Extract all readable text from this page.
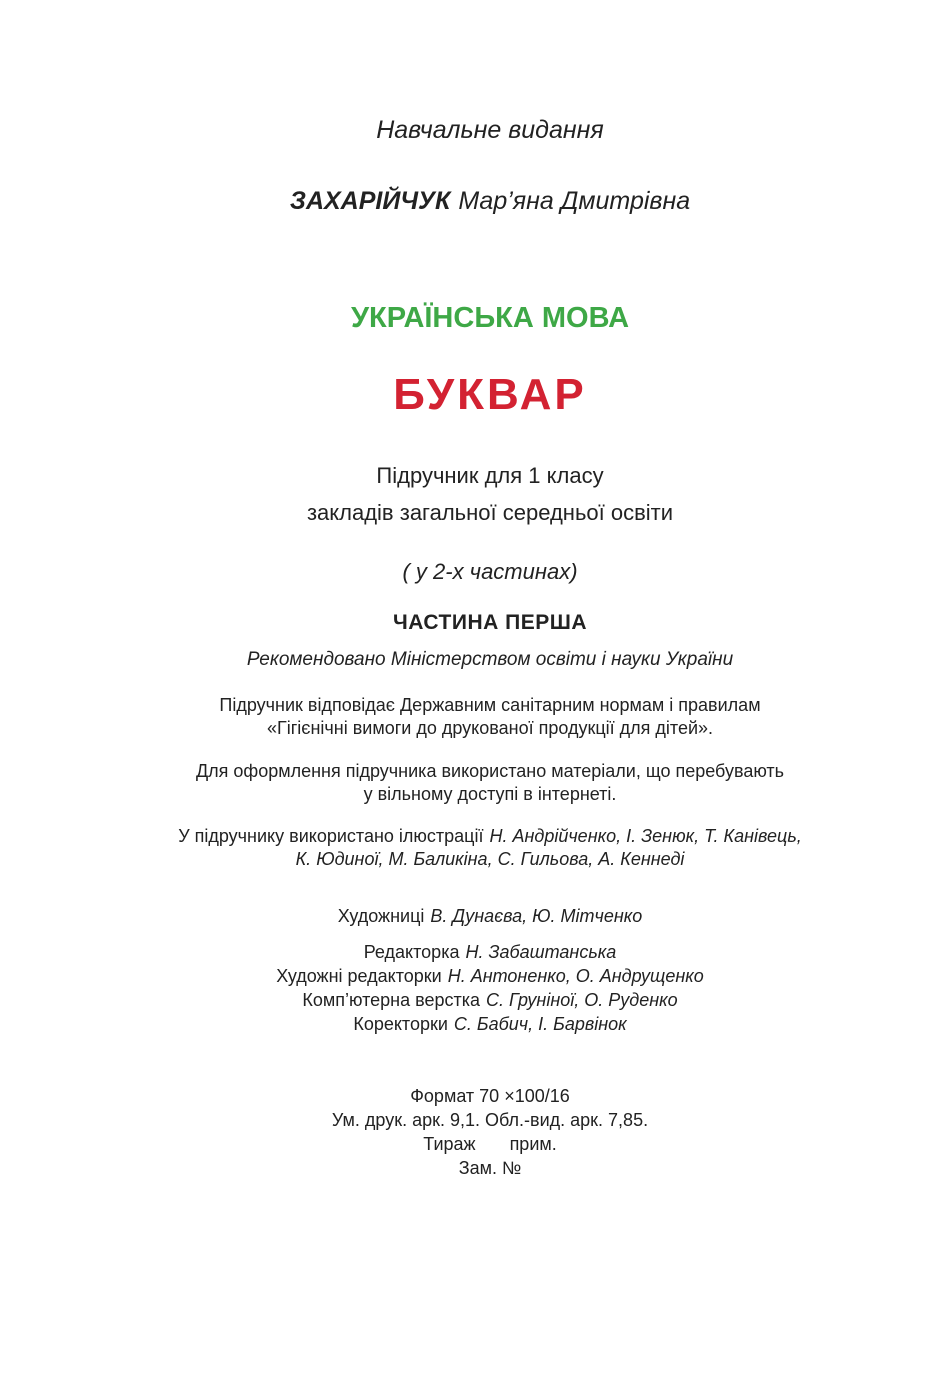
Навчальне видання
ЗАХАРІЙЧУК Мар’яна Дмитрівна
УКРАЇНСЬКА МОВА
БУКВАР
Підручник для 1 класу
закладів загальної середньої освіти
( у 2-х частинах)
ЧАСТИНА ПЕРША
Рекомендовано Міністерством освіти і науки України
Підручник відповідає Державним санітарним нормам і правилам
«Гігієнічні вимоги до друкованої продукції для дітей».
Для оформлення підручника використано матеріали, що перебувають
у вільному доступі в інтернеті.
У підручнику використано ілюстрації Н. Андрійченко, І. Зенюк, Т. Канівець,
К. Юдиної, М. Баликіна, С. Гильова, А. Кеннеді
Художниці В. Дунаєва, Ю. Мітченко
Редакторка Н. Забаштанська
Художні редакторки Н. Антоненко, О. Андрущенко
Комп’ютерна верстка С. Груніної, О. Руденко
Коректорки С. Бабич, І. Барвінок
Формат 70 ×100/16
Ум. друк. арк. 9,1. Обл.-вид. арк. 7,85.
Тираж прим.
Зам. №
